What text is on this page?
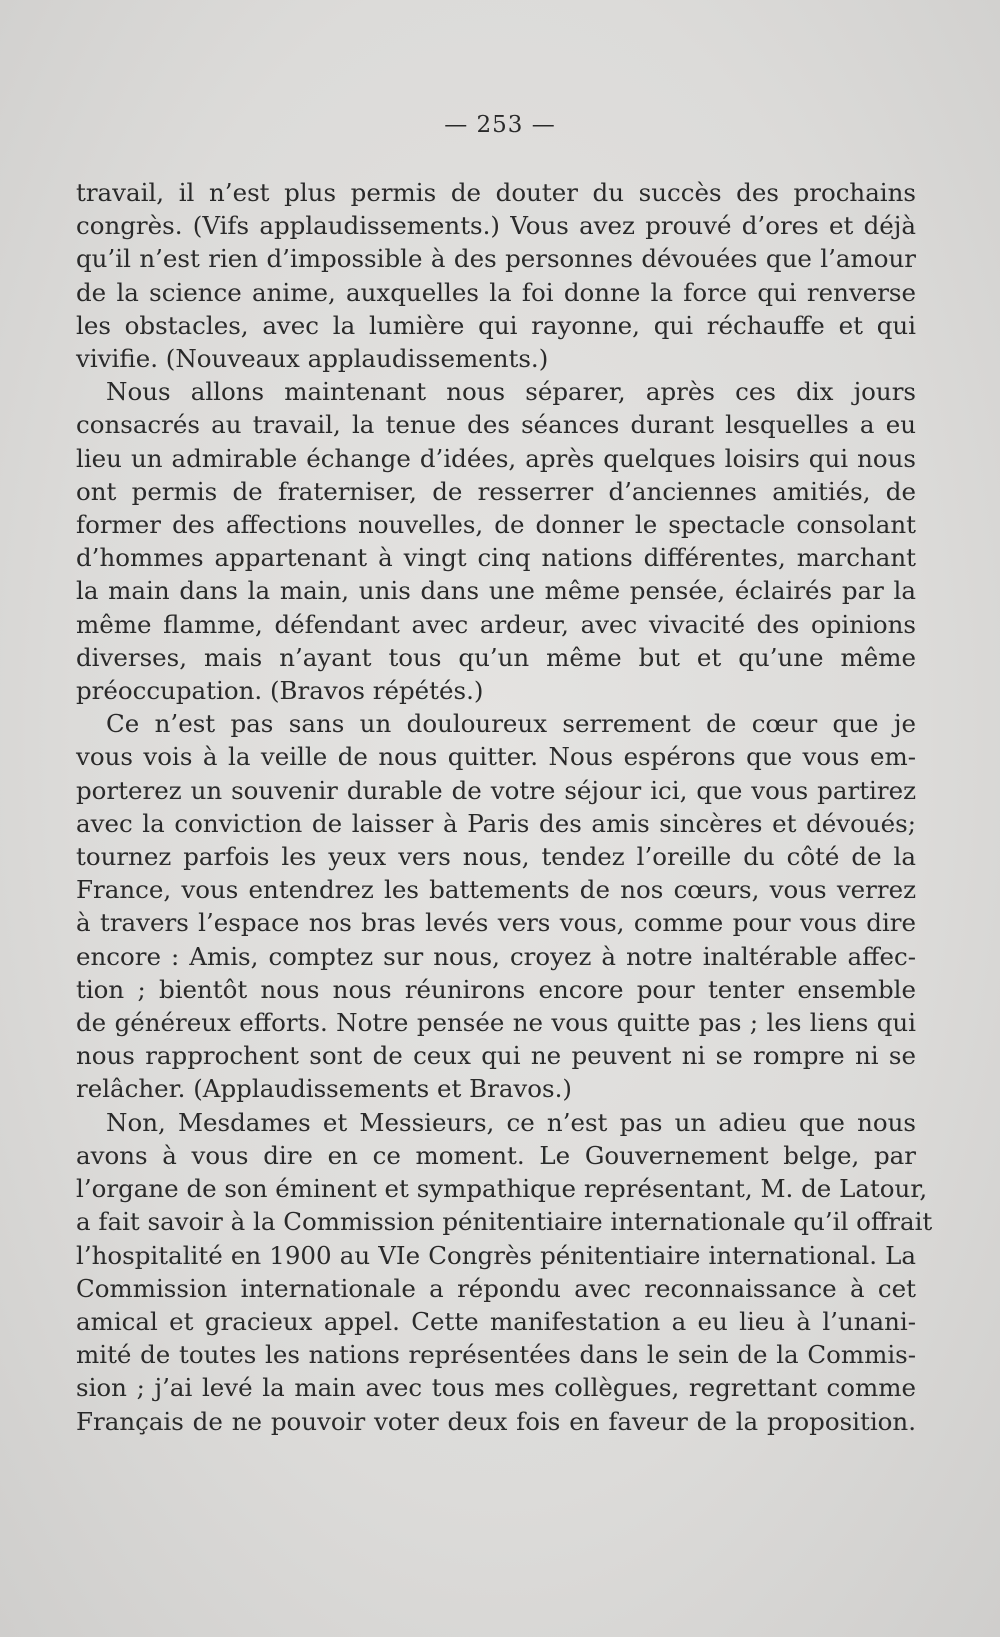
— 253 —
travail, il n’est plus permis de douter du succès des prochains
congrès. (Vifs applaudissements.) Vous avez prouvé d’ores et déjà
qu’il n’est rien d’impossible à des personnes dévouées que l’amour
de la science anime, auxquelles la foi donne la force qui renverse
les obstacles, avec la lumière qui rayonne, qui réchauffe et qui
vivifie. (Nouveaux applaudissements.)
Nous allons maintenant nous séparer, après ces dix jours
consacrés au travail, la tenue des séances durant lesquelles a eu
lieu un admirable échange d’idées, après quelques loisirs qui nous
ont permis de fraterniser, de resserrer d’anciennes amitiés, de
former des affections nouvelles, de donner le spectacle consolant
d’hommes appartenant à vingt cinq nations différentes, marchant
la main dans la main, unis dans une même pensée, éclairés par la
même flamme, défendant avec ardeur, avec vivacité des opinions
diverses, mais n’ayant tous qu’un même but et qu’une même
préoccupation. (Bravos répétés.)
Ce n’est pas sans un douloureux serrement de cœur que je
vous vois à la veille de nous quitter. Nous espérons que vous em-
porterez un souvenir durable de votre séjour ici, que vous partirez
avec la conviction de laisser à Paris des amis sincères et dévoués;
tournez parfois les yeux vers nous, tendez l’oreille du côté de la
France, vous entendrez les battements de nos cœurs, vous verrez
à travers l’espace nos bras levés vers vous, comme pour vous dire
encore : Amis, comptez sur nous, croyez à notre inaltérable affec-
tion ; bientôt nous nous réunirons encore pour tenter ensemble
de généreux efforts. Notre pensée ne vous quitte pas ; les liens qui
nous rapprochent sont de ceux qui ne peuvent ni se rompre ni se
relâcher. (Applaudissements et Bravos.)
Non, Mesdames et Messieurs, ce n’est pas un adieu que nous
avons à vous dire en ce moment. Le Gouvernement belge, par
l’organe de son éminent et sympathique représentant, M. de Latour,
a fait savoir à la Commission pénitentiaire internationale qu’il offrait
l’hospitalité en 1900 au VIe Congrès pénitentiaire international. La
Commission internationale a répondu avec reconnaissance à cet
amical et gracieux appel. Cette manifestation a eu lieu à l’unani-
mité de toutes les nations représentées dans le sein de la Commis-
sion ; j’ai levé la main avec tous mes collègues, regrettant comme
Français de ne pouvoir voter deux fois en faveur de la proposition.
